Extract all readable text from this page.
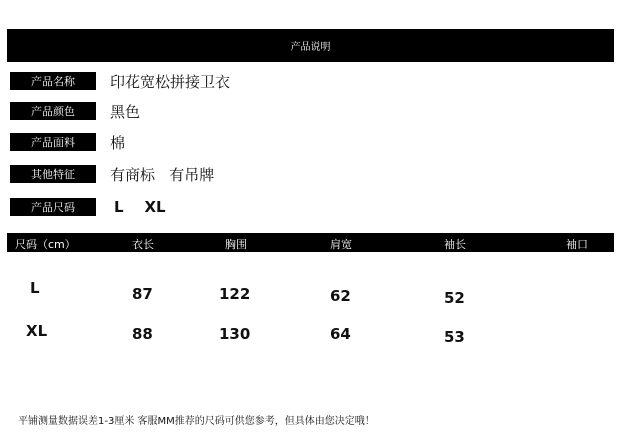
产品说明
产品名称	印花宽松拼接卫衣
产品颜色	黑色
产品面料	棉
其他特征	有商标   有吊牌
产品尺码	L    XL
尺码（cm）	衣长	胸围	肩宽	袖长	袖口
L	87	122	62	52
XL	88	130	64	53
平铺测量数据误差1-3厘米 客服MM推荐的尺码可供您参考，但具体由您决定哦！
